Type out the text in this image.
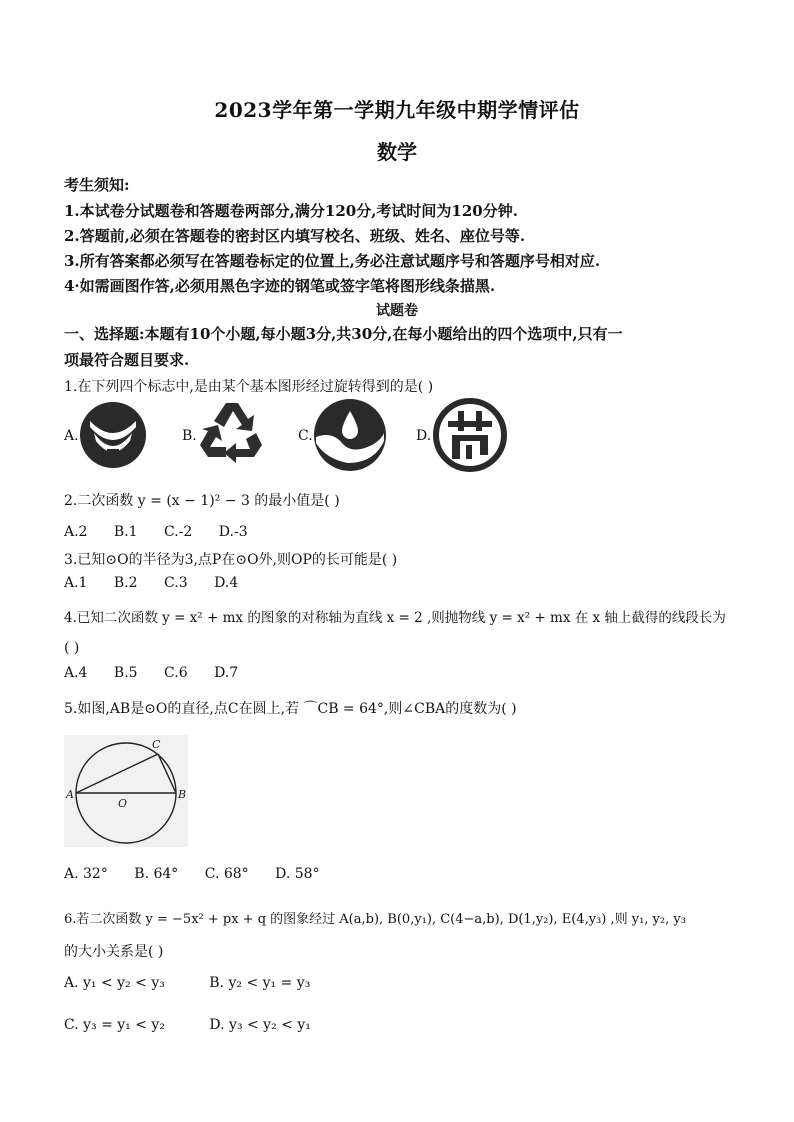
2023学年第一学期九年级中期学情评估
数学
考生须知:
1.本试卷分试题卷和答题卷两部分,满分120分,考试时间为120分钟.
2.答题前,必须在答题卷的密封区内填写校名、班级、姓名、座位号等.
3.所有答案都必须写在答题卷标定的位置上,务必注意试题序号和答题序号相对应.
4·如需画图作答,必须用黑色字迹的钢笔或签字笔将图形线条描黑.
试题卷
一、选择题:本题有10个小题,每小题3分,共30分,在每小题给出的四个选项中,只有一
项最符合题目要求.
1.在下列四个标志中,是由某个基本图形经过旋转得到的是( )
A.	B.	C.	D.
2.二次函数 y = (x − 1)² − 3 的最小值是( )
A.2 B.1 C.-2 D.-3
3.已知⊙O的半径为3,点P在⊙O外,则OP的长可能是( )
A.1 B.2 C.3 D.4
4.已知二次函数 y = x² + mx 的图象的对称轴为直线 x = 2 ,则抛物线 y = x² + mx 在 x 轴上截得的线段长为
( )
A.4 B.5 C.6 D.7
5.如图,AB是⊙O的直径,点C在圆上,若 ⌒CB = 64°,则∠CBA的度数为( )
A	B
C
O
A. 32° B. 64° C. 68° D. 58°
6.若二次函数 y = −5x² + px + q 的图象经过 A(a,b), B(0,y₁), C(4−a,b), D(1,y₂), E(4,y₃) ,则 y₁, y₂, y₃
的大小关系是( )
A. y₁ < y₂ < y₃	B. y₂ < y₁ = y₃
C. y₃ = y₁ < y₂	D. y₃ < y₂ < y₁
